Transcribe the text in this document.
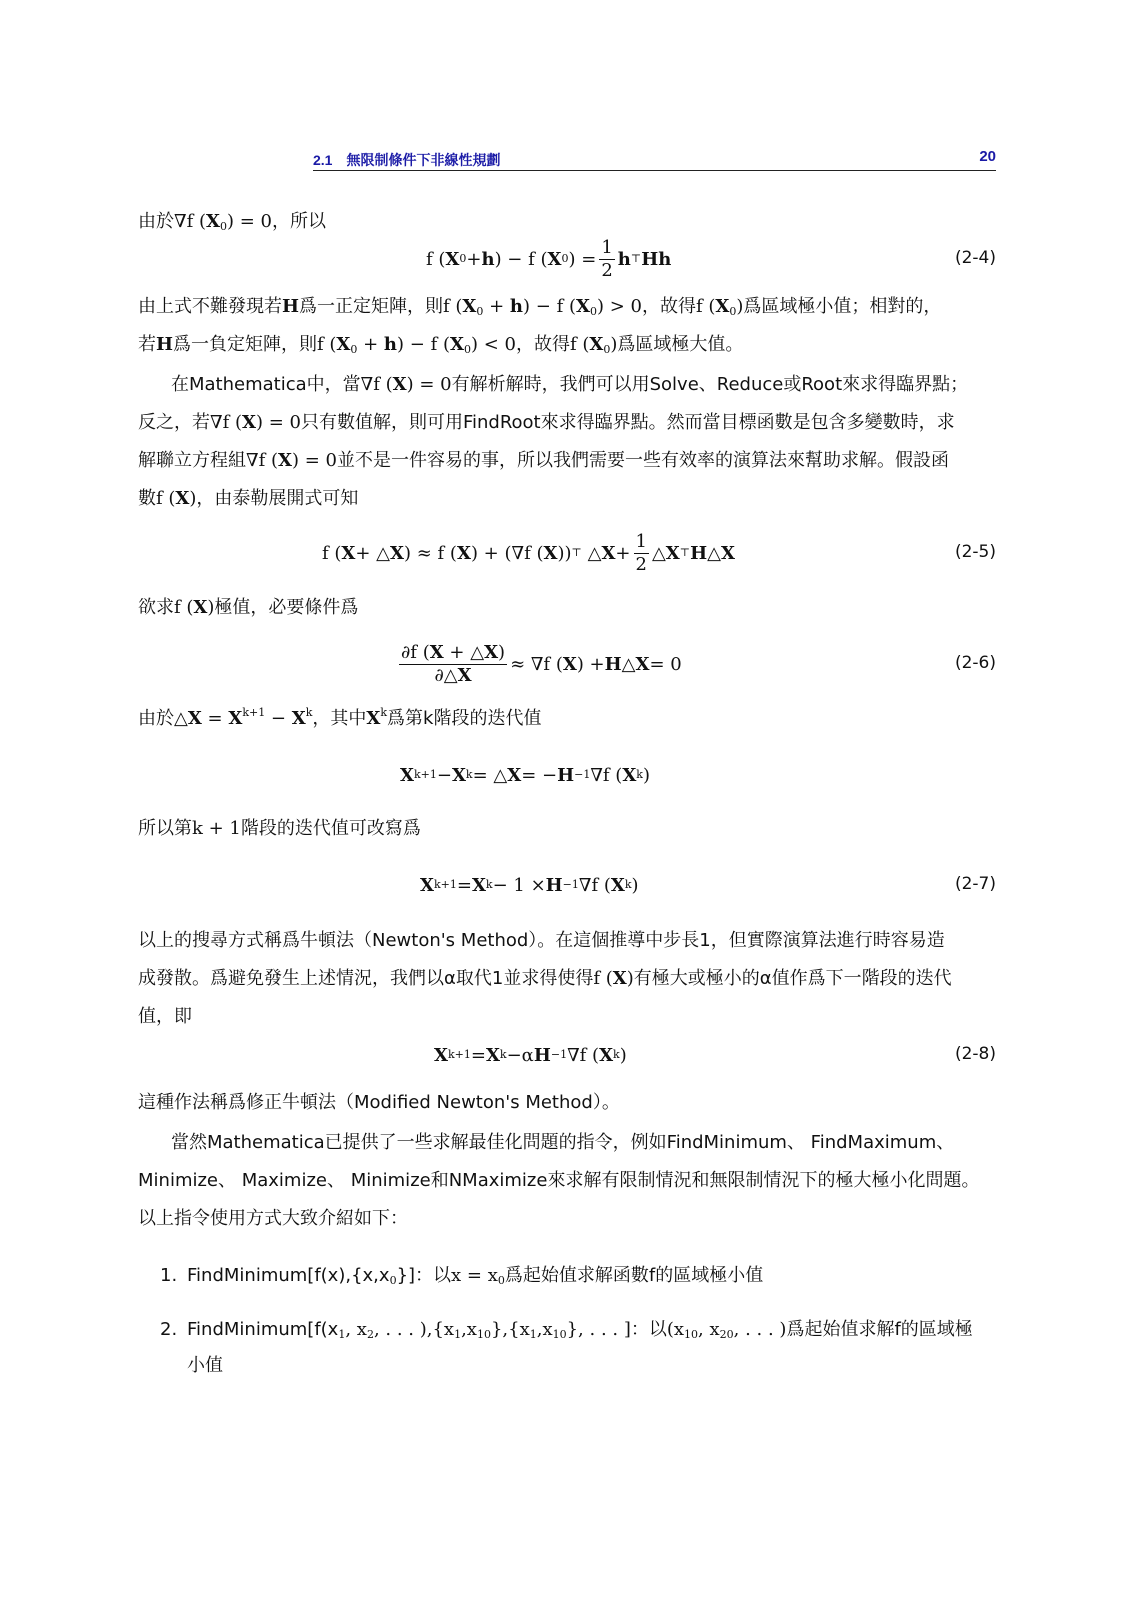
2.1 無限制條件下非線性規劃	20

由於∇f $(X_0) = 0$，所以

f ( X 0 + h ) − f ( X 0 ) = $\frac{1}{2}$ h ⊤ Hh	(2-4)

由上式不難發現若H爲一正定矩陣，則f $(X_0 + h) - f$ $(X_0) > 0$，故得f $(X_0)$爲區域極小值；相對的，
若H爲一負定矩陣，則f $(X_0 + h) - f$ $(X_0) < 0$，故得f $(X_0)$爲區域極大值。

在Mathematica中，當∇f (X) = 0有解析解時，我們可以用Solve、Reduce或Root來求得臨界點；
反之，若∇f (X) = 0只有數值解，則可用FindRoot來求得臨界點。然而當目標函數是包含多變數時，求
解聯立方程組∇f (X) = 0並不是一件容易的事，所以我們需要一些有效率的演算法來幫助求解。假設函
數f (X)，由泰勒展開式可知

f ( X + △ X ) ≈ f ( X ) + (∇f ( X )) ⊤ △ $X + \frac{1}{2}$ △ X ⊤ H △ X	(2-5)

欲求f (X)極值，必要條件爲

$\frac{\partial f (X + \triangle X)}{\partial\triangle X} \approx \nabla f$ ( X ) + H △ X = 0	(2-6)

由於△X = $X^{k+1} - X^k$，其中$X^k$爲第k階段的迭代值

X k+1 − X k = △ X = − H −1 ∇f ( X k )

所以第k + 1階段的迭代值可改寫爲

X k+1 = X k − 1 × H −1 ∇f ( X k )	(2-7)

以上的搜尋方式稱爲牛頓法（Newton's Method）。在這個推導中步長1，但實際演算法進行時容易造
成發散。爲避免發生上述情況，我們以α取代1並求得使得f (X)有極大或極小的α值作爲下一階段的迭代
值，即

X k+1 = X k −α H −1 ∇f ( X k )	(2-8)

這種作法稱爲修正牛頓法（Modified Newton's Method）。

當然Mathematica已提供了一些求解最佳化問題的指令，例如FindMinimum、 FindMaximum、
Minimize、 Maximize、 Minimize和NMaximize來求解有限制情況和無限制情況下的極大極小化問題。
以上指令使用方式大致介紹如下：

1. $FindMinimum[f(x),\{x,x_0\}]$：以$x = x_0$爲起始值求解函數f的區域極小值
2. $FindMinimum[f(x_1$, $x_2$, . . . )$,\{x_1,x_{10}\},\{x_1,x_{10}\}$, . . . ]：以($x_{10}$, $x_{20}$, . . . )爲起始值求解f的區域極
小值
